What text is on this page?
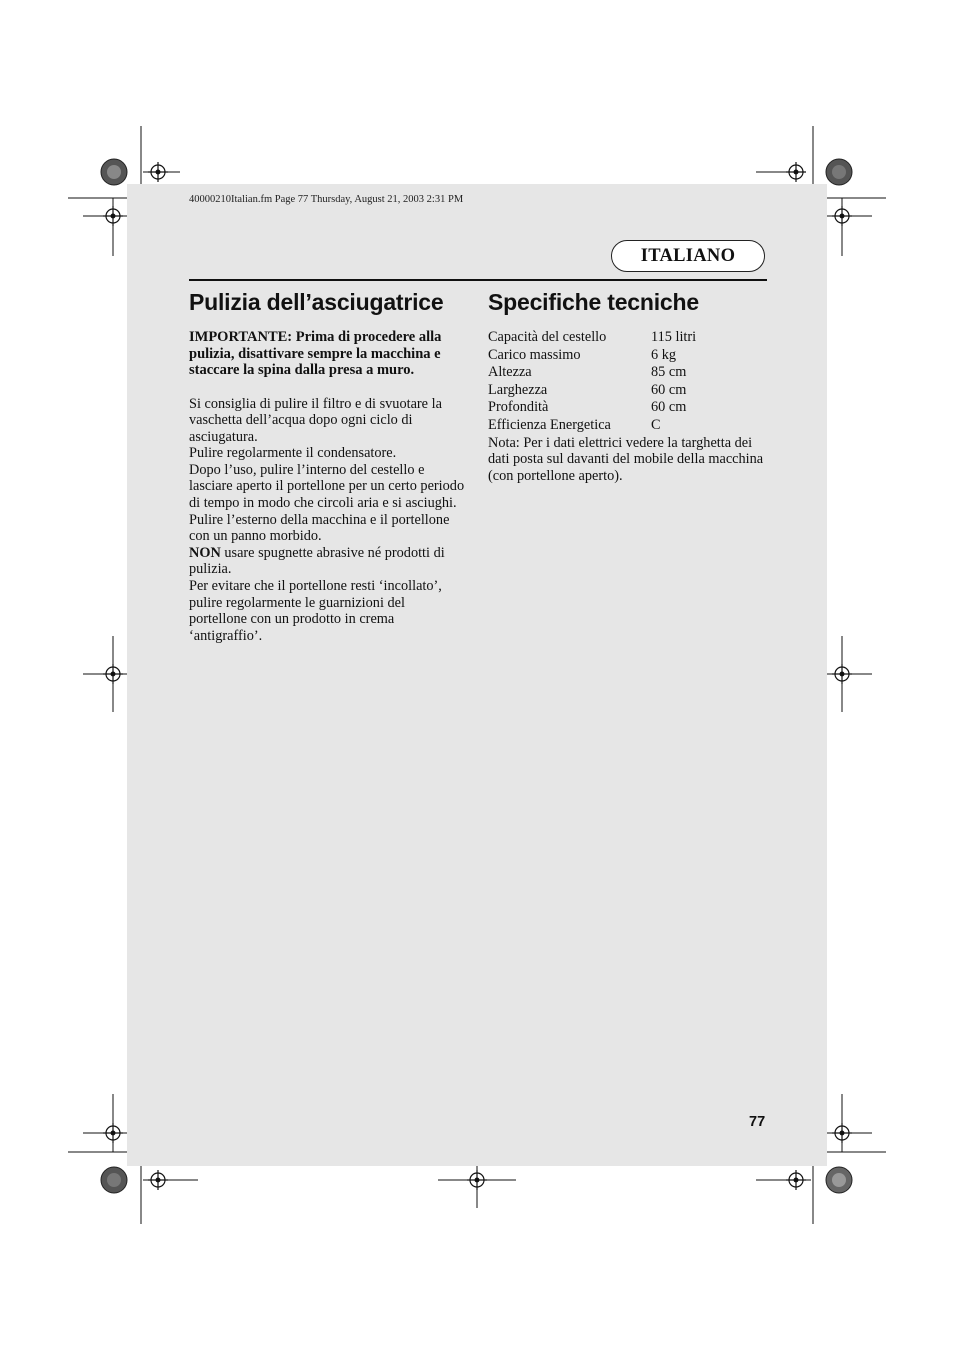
40000210Italian.fm Page 77 Thursday, August 21, 2003 2:31 PM
ITALIANO
Pulizia dell’asciugatrice
IMPORTANTE: Prima di procedere alla pulizia, disattivare sempre la macchina e staccare la spina dalla presa a muro.

Si consiglia di pulire il filtro e di svuotare la vaschetta dell’acqua dopo ogni ciclo di asciugatura.

Pulire regolarmente il condensatore.

Dopo l’uso, pulire l’interno del cestello e lasciare aperto il portellone per un certo periodo di tempo in modo che circoli aria e si asciughi.

Pulire l’esterno della macchina e il portellone con un panno morbido.

NON usare spugnette abrasive né prodotti di pulizia.

Per evitare che il portellone resti ‘incollato’, pulire regolarmente le guarnizioni del portellone con un prodotto in crema ‘antigraffio’.

Specifiche tecniche
Capacità del cestello	115 litri
Carico massimo	6 kg
Altezza	85 cm
Larghezza	60 cm
Profondità	60 cm
Efficienza Energetica	C

Nota: Per i dati elettrici vedere la targhetta dei dati posta sul davanti del mobile della macchina (con portellone aperto).

77
